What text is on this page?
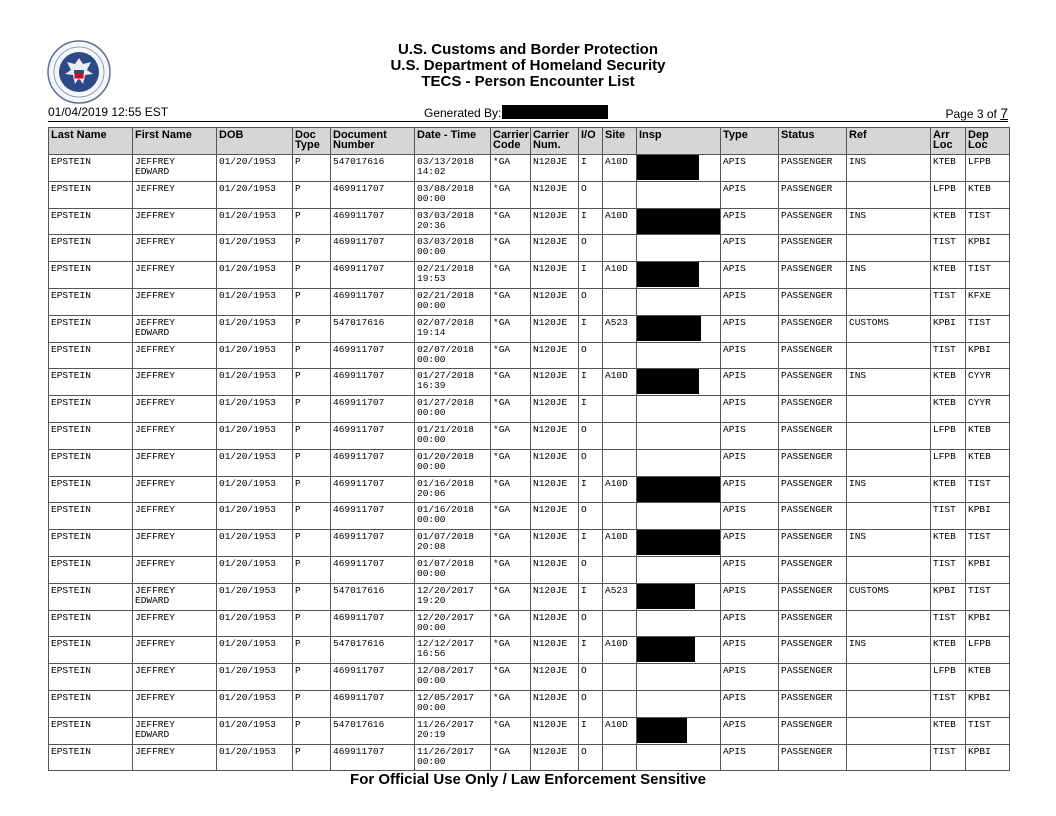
U.S. Customs and Border Protection
U.S. Department of Homeland Security
TECS - Person Encounter List
01/04/2019 12:55 EST	Generated By:	Page 3 of 7
Last Name	First Name	DOB	Doc Type	Document Number	Date - Time	Carrier Code	Carrier Num.	I/O	Site	Insp	Type	Status	Ref	Arr Loc	Dep Loc
EPSTEIN	JEFFREY EDWARD	01/20/1953	P	547017616	03/13/2018 14:02	*GA	N120JE	I	A10D		APIS	PASSENGER	INS	KTEB	LFPB
EPSTEIN	JEFFREY	01/20/1953	P	469911707	03/08/2018 00:00	*GA	N120JE	O			APIS	PASSENGER		LFPB	KTEB
EPSTEIN	JEFFREY	01/20/1953	P	469911707	03/03/2018 20:36	*GA	N120JE	I	A10D		APIS	PASSENGER	INS	KTEB	TIST
EPSTEIN	JEFFREY	01/20/1953	P	469911707	03/03/2018 00:00	*GA	N120JE	O			APIS	PASSENGER		TIST	KPBI
EPSTEIN	JEFFREY	01/20/1953	P	469911707	02/21/2018 19:53	*GA	N120JE	I	A10D		APIS	PASSENGER	INS	KTEB	TIST
EPSTEIN	JEFFREY	01/20/1953	P	469911707	02/21/2018 00:00	*GA	N120JE	O			APIS	PASSENGER		TIST	KFXE
EPSTEIN	JEFFREY EDWARD	01/20/1953	P	547017616	02/07/2018 19:14	*GA	N120JE	I	A523		APIS	PASSENGER	CUSTOMS	KPBI	TIST
EPSTEIN	JEFFREY	01/20/1953	P	469911707	02/07/2018 00:00	*GA	N120JE	O			APIS	PASSENGER		TIST	KPBI
EPSTEIN	JEFFREY	01/20/1953	P	469911707	01/27/2018 16:39	*GA	N120JE	I	A10D		APIS	PASSENGER	INS	KTEB	CYYR
EPSTEIN	JEFFREY	01/20/1953	P	469911707	01/27/2018 00:00	*GA	N120JE	I			APIS	PASSENGER		KTEB	CYYR
EPSTEIN	JEFFREY	01/20/1953	P	469911707	01/21/2018 00:00	*GA	N120JE	O			APIS	PASSENGER		LFPB	KTEB
EPSTEIN	JEFFREY	01/20/1953	P	469911707	01/20/2018 00:00	*GA	N120JE	O			APIS	PASSENGER		LFPB	KTEB
EPSTEIN	JEFFREY	01/20/1953	P	469911707	01/16/2018 20:06	*GA	N120JE	I	A10D		APIS	PASSENGER	INS	KTEB	TIST
EPSTEIN	JEFFREY	01/20/1953	P	469911707	01/16/2018 00:00	*GA	N120JE	O			APIS	PASSENGER		TIST	KPBI
EPSTEIN	JEFFREY	01/20/1953	P	469911707	01/07/2018 20:08	*GA	N120JE	I	A10D		APIS	PASSENGER	INS	KTEB	TIST
EPSTEIN	JEFFREY	01/20/1953	P	469911707	01/07/2018 00:00	*GA	N120JE	O			APIS	PASSENGER		TIST	KPBI
EPSTEIN	JEFFREY EDWARD	01/20/1953	P	547017616	12/20/2017 19:20	*GA	N120JE	I	A523		APIS	PASSENGER	CUSTOMS	KPBI	TIST
EPSTEIN	JEFFREY	01/20/1953	P	469911707	12/20/2017 00:00	*GA	N120JE	O			APIS	PASSENGER		TIST	KPBI
EPSTEIN	JEFFREY	01/20/1953	P	547017616	12/12/2017 16:56	*GA	N120JE	I	A10D		APIS	PASSENGER	INS	KTEB	LFPB
EPSTEIN	JEFFREY	01/20/1953	P	469911707	12/08/2017 00:00	*GA	N120JE	O			APIS	PASSENGER		LFPB	KTEB
EPSTEIN	JEFFREY	01/20/1953	P	469911707	12/05/2017 00:00	*GA	N120JE	O			APIS	PASSENGER		TIST	KPBI
EPSTEIN	JEFFREY EDWARD	01/20/1953	P	547017616	11/26/2017 20:19	*GA	N120JE	I	A10D		APIS	PASSENGER		KTEB	TIST
EPSTEIN	JEFFREY	01/20/1953	P	469911707	11/26/2017 00:00	*GA	N120JE	O			APIS	PASSENGER		TIST	KPBI
For Official Use Only / Law Enforcement Sensitive
